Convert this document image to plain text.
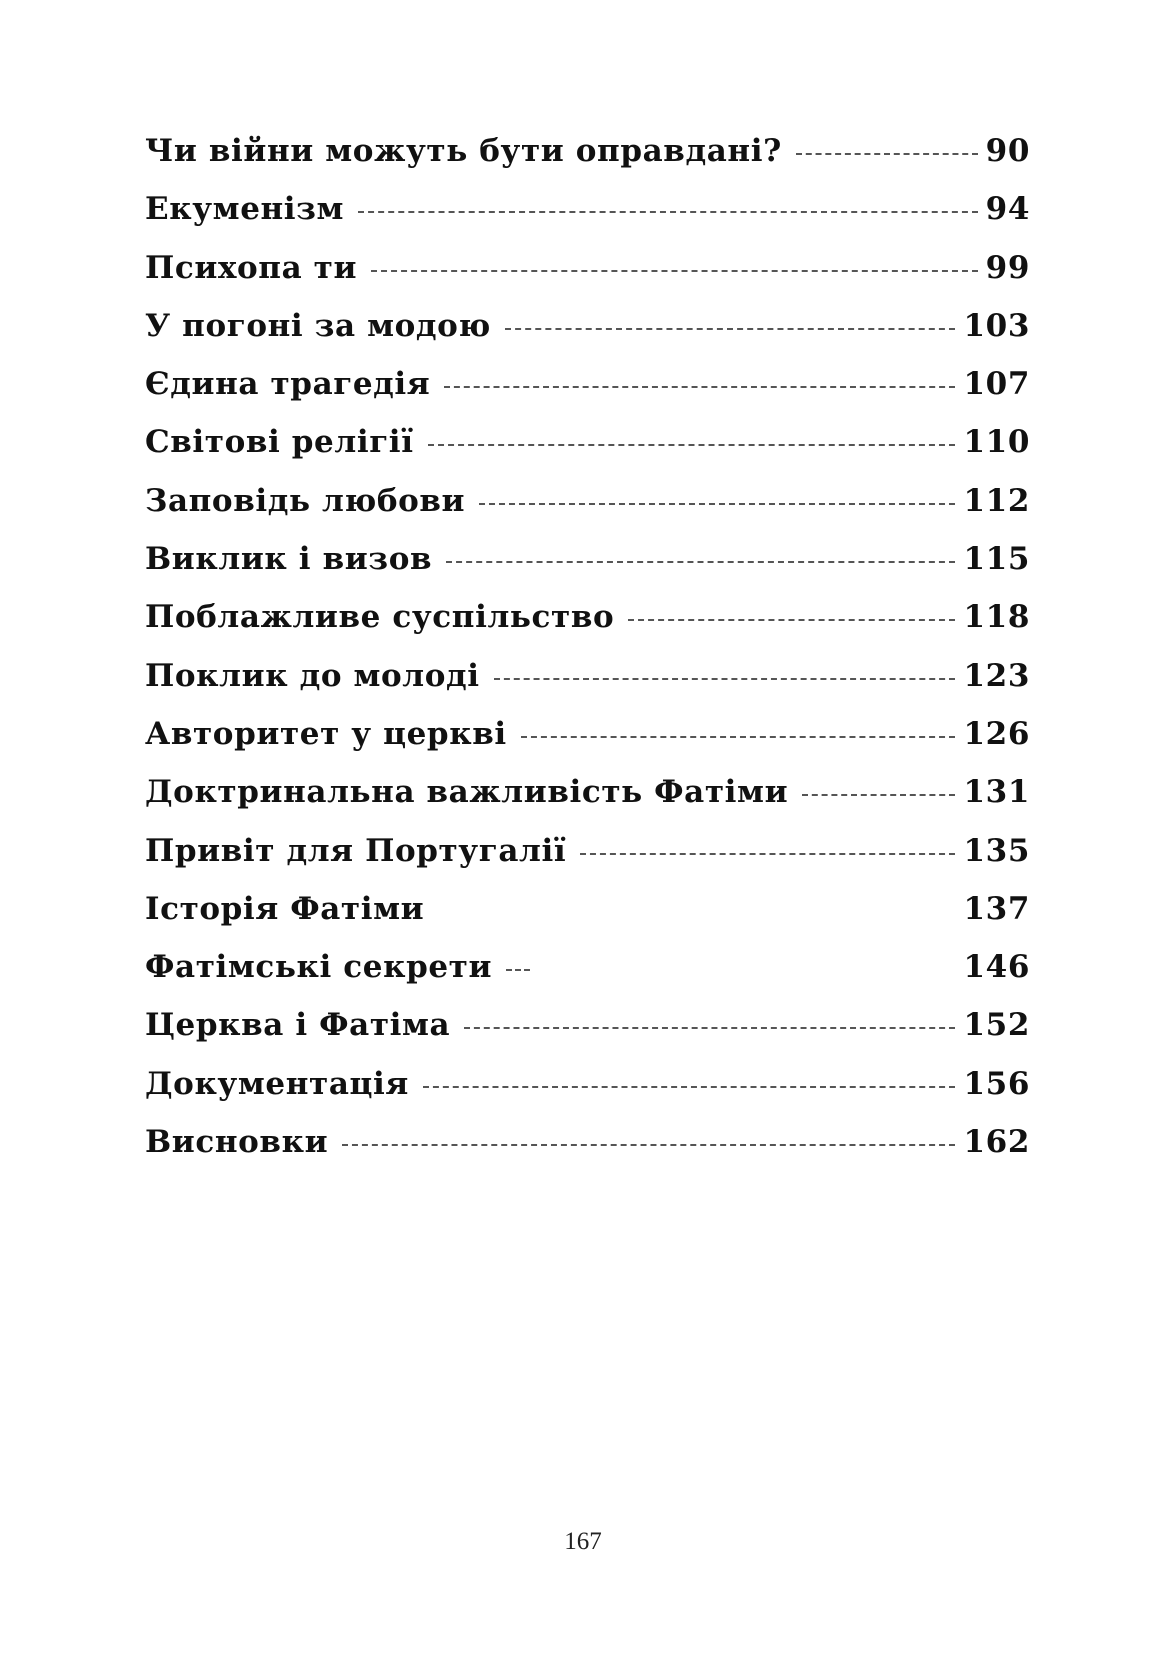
Чи війни можуть бути оправдані?	90
Екуменізм	94
Психопа ти	99
У погоні за модою	103
Єдина трагедія	107
Світові релігії	110
Заповідь любови	112
Виклик і визов	115
Поблажливе суспільство	118
Поклик до молоді	123
Авторитет у церкві	126
Доктринальна важливість Фатіми	131
Привіт для Португалії	135
Історія Фатіми	137
Фатімські секрети	146
Церква і Фатіма	152
Документація	156
Висновки	162
167
